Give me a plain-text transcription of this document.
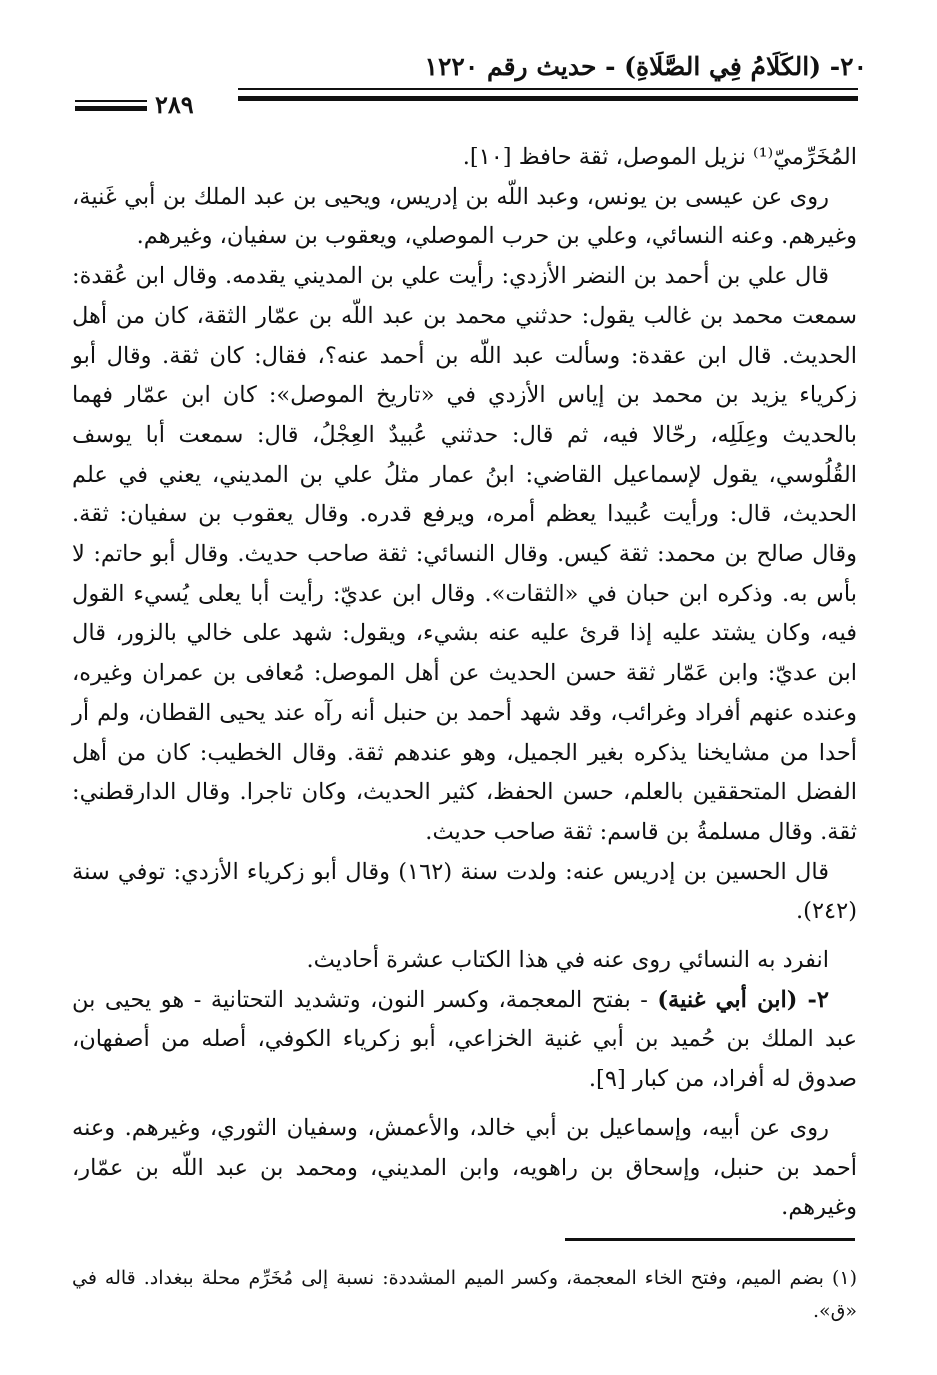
٢٠- (الكَلَامُ فِي الصَّلَاةِ) - حديث رقم ١٢٢٠
٢٨٩

المُخَرِّميّ⁽¹⁾ نزيل الموصل، ثقة حافظ [١٠].

روى عن عيسى بن يونس، وعبد اللّه بن إدريس، ويحيى بن عبد الملك بن أبي غَنية، وغيرهم. وعنه النسائي، وعلي بن حرب الموصلي، ويعقوب بن سفيان، وغيرهم.

قال علي بن أحمد بن النضر الأزدي: رأيت علي بن المديني يقدمه. وقال ابن عُقدة: سمعت محمد بن غالب يقول: حدثني محمد بن عبد اللّه بن عمّار الثقة، كان من أهل الحديث. قال ابن عقدة: وسألت عبد اللّه بن أحمد عنه؟، فقال: كان ثقة. وقال أبو زكرياء يزيد بن محمد بن إياس الأزدي في «تاريخ الموصل»: كان ابن عمّار فهما بالحديث وعِلَلِه، رحّالا فيه، ثم قال: حدثني عُبيدٌ العِجْلُ، قال: سمعت أبا يوسف القُلُوسي، يقول لإسماعيل القاضي: ابنُ عمار مثلُ علي بن المديني، يعني في علم الحديث، قال: ورأيت عُبيدا يعظم أمره، ويرفع قدره. وقال يعقوب بن سفيان: ثقة. وقال صالح بن محمد: ثقة كيس. وقال النسائي: ثقة صاحب حديث. وقال أبو حاتم: لا بأس به. وذكره ابن حبان في «الثقات». وقال ابن عديّ: رأيت أبا يعلى يُسيء القول فيه، وكان يشتد عليه إذا قرئ عليه عنه بشيء، ويقول: شهد على خالي بالزور، قال ابن عديّ: وابن عَمّار ثقة حسن الحديث عن أهل الموصل: مُعافى بن عمران وغيره، وعنده عنهم أفراد وغرائب، وقد شهد أحمد بن حنبل أنه رآه عند يحيى القطان، ولم أر أحدا من مشايخنا يذكره بغير الجميل، وهو عندهم ثقة. وقال الخطيب: كان من أهل الفضل المتحققين بالعلم، حسن الحفظ، كثير الحديث، وكان تاجرا. وقال الدارقطني: ثقة. وقال مسلمةُ بن قاسم: ثقة صاحب حديث.

قال الحسين بن إدريس عنه: ولدت سنة (١٦٢) وقال أبو زكرياء الأزدي: توفي سنة (٢٤٢).

انفرد به النسائي روى عنه في هذا الكتاب عشرة أحاديث.

٢- (ابن أبي غنية) - بفتح المعجمة، وكسر النون، وتشديد التحتانية - هو يحيى بن عبد الملك بن حُميد بن أبي غنية الخزاعي، أبو زكرياء الكوفي، أصله من أصفهان، صدوق له أفراد، من كبار [٩].

روى عن أبيه، وإسماعيل بن أبي خالد، والأعمش، وسفيان الثوري، وغيرهم. وعنه أحمد بن حنبل، وإسحاق بن راهويه، وابن المديني، ومحمد بن عبد اللّه بن عمّار، وغيرهم.

(١) بضم الميم، وفتح الخاء المعجمة، وكسر الميم المشددة: نسبة إلى مُخَرِّم محلة ببغداد. قاله في «ق».
